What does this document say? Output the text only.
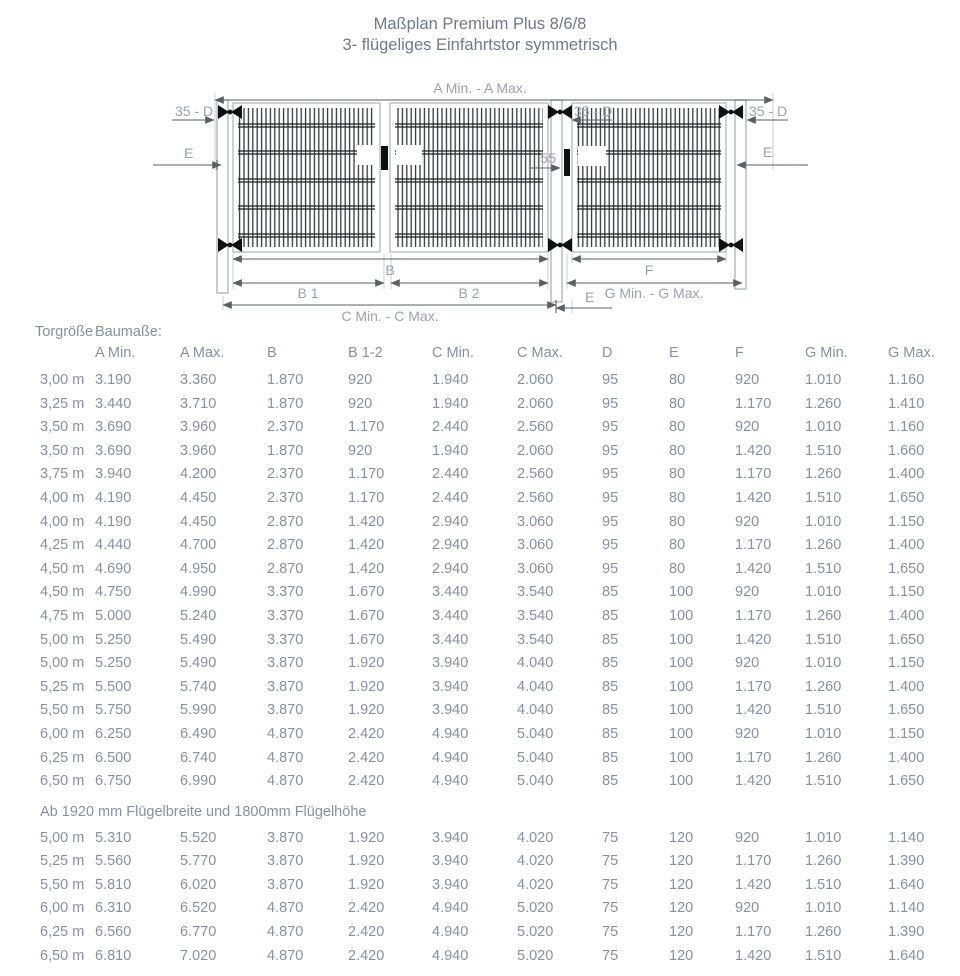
Maßplan Premium Plus 8/6/8
3- flügeliges Einfahrtstor symmetrisch
A Min. - A Max.
35 - D	35 - D	35 - D
E	E
55
B
B 1	B 2
C Min. - C Max.
F
G Min. - G Max.
E
Torgröße Baumaße:
A Min.	A Max.	B	B 1-2	C Min.	C Max.	D	E	F	G Min.	G Max.
3,00 m 3.190	3.360	1.870	920	1.940	2.060	95	80	920	1.010	1.160
3,25 m 3.440	3.710	1.870	920	1.940	2.060	95	80	1.170	1.260	1.410
3,50 m 3.690	3.960	2.370	1.170	2.440	2.560	95	80	920	1.010	1.160
3,50 m 3.690	3.960	1.870	920	1.940	2.060	95	80	1.420	1.510	1.660
3,75 m 3.940	4.200	2.370	1.170	2.440	2.560	95	80	1.170	1.260	1.400
4,00 m 4.190	4.450	2.370	1.170	2.440	2.560	95	80	1.420	1.510	1.650
4,00 m 4.190	4.450	2.870	1.420	2.940	3.060	95	80	920	1.010	1.150
4,25 m 4.440	4.700	2.870	1.420	2.940	3.060	95	80	1.170	1.260	1.400
4,50 m 4.690	4.950	2.870	1.420	2.940	3.060	95	80	1.420	1.510	1.650
4,50 m 4.750	4.990	3.370	1.670	3.440	3.540	85	100	920	1.010	1.150
4,75 m 5.000	5.240	3.370	1.670	3.440	3.540	85	100	1.170	1.260	1.400
5,00 m 5.250	5.490	3.370	1.670	3.440	3.540	85	100	1.420	1.510	1.650
5,00 m 5.250	5.490	3.870	1.920	3.940	4.040	85	100	920	1.010	1.150
5,25 m 5.500	5.740	3.870	1.920	3.940	4.040	85	100	1.170	1.260	1.400
5,50 m 5.750	5.990	3.870	1.920	3.940	4.040	85	100	1.420	1.510	1.650
6,00 m 6.250	6.490	4.870	2.420	4.940	5.040	85	100	920	1.010	1.150
6,25 m 6.500	6.740	4.870	2.420	4.940	5.040	85	100	1.170	1.260	1.400
6,50 m 6.750	6.990	4.870	2.420	4.940	5.040	85	100	1.420	1.510	1.650
Ab 1920 mm Flügelbreite und 1800mm Flügelhöhe
5,00 m 5.310	5.520	3.870	1.920	3.940	4.020	75	120	920	1.010	1.140
5,25 m 5.560	5.770	3.870	1.920	3.940	4.020	75	120	1.170	1.260	1.390
5,50 m 5.810	6.020	3.870	1.920	3.940	4.020	75	120	1.420	1.510	1.640
6,00 m 6.310	6.520	4.870	2.420	4.940	5.020	75	120	920	1.010	1.140
6,25 m 6.560	6.770	4.870	2.420	4.940	5.020	75	120	1.170	1.260	1.390
6,50 m 6.810	7.020	4.870	2.420	4.940	5.020	75	120	1.420	1.510	1.640
